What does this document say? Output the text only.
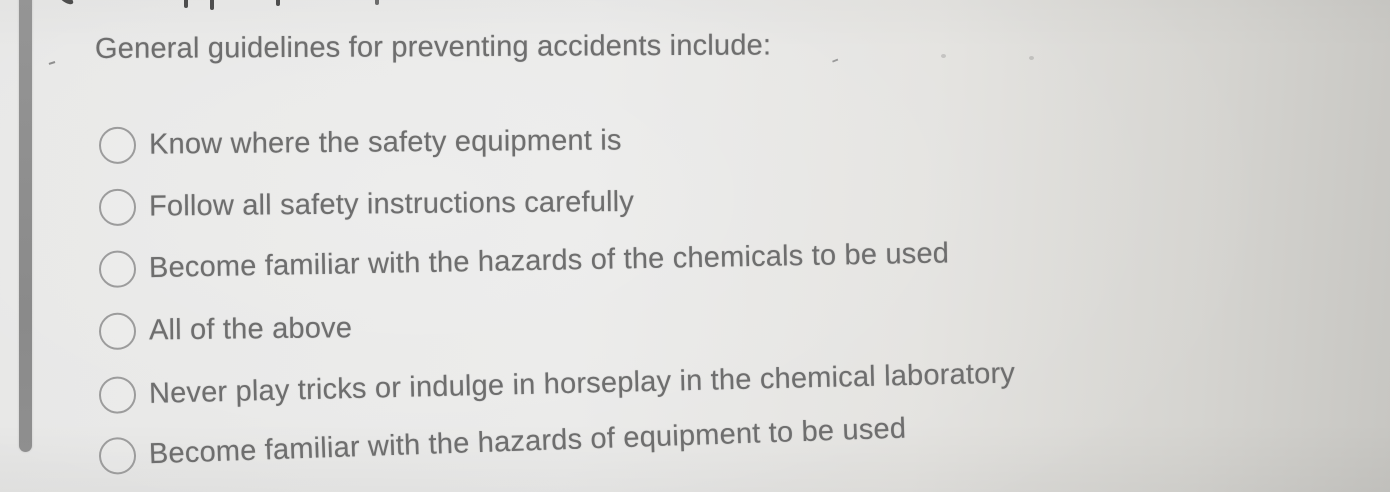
- General guidelines for preventing accidents include: -
Know where the safety equipment is
Follow all safety instructions carefully
Become familiar with the hazards of the chemicals to be used
All of the above
Never play tricks or indulge in horseplay in the chemical laboratory
Become familiar with the hazards of equipment to be used
